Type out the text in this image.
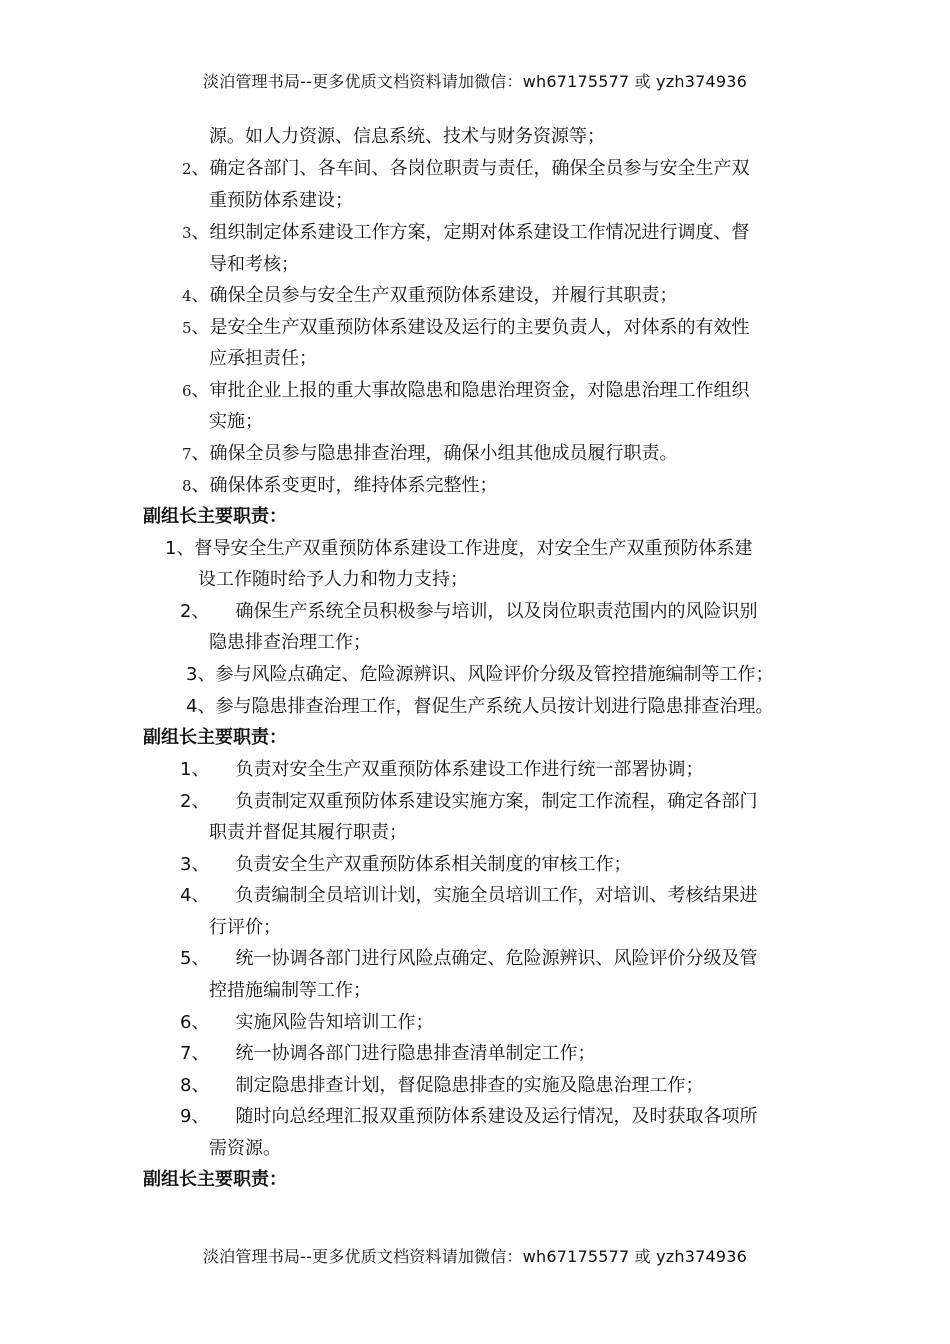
淡泊管理书局--更多优质文档资料请加微信：wh67175577 或 yzh374936
源。如人力资源、信息系统、技术与财务资源等；
2、确定各部门、各车间、各岗位职责与责任，确保全员参与安全生产双
重预防体系建设；
3、组织制定体系建设工作方案，定期对体系建设工作情况进行调度、督
导和考核；
4、确保全员参与安全生产双重预防体系建设，并履行其职责；
5、是安全生产双重预防体系建设及运行的主要负责人，对体系的有效性
应承担责任；
6、审批企业上报的重大事故隐患和隐患治理资金，对隐患治理工作组织
实施；
7、确保全员参与隐患排查治理，确保小组其他成员履行职责。
8、确保体系变更时，维持体系完整性；
副组长主要职责：
1、督导安全生产双重预防体系建设工作进度，对安全生产双重预防体系建
设工作随时给予人力和物力支持；
2、 确保生产系统全员积极参与培训，以及岗位职责范围内的风险识别
隐患排查治理工作；
3、参与风险点确定、危险源辨识、风险评价分级及管控措施编制等工作；
4、参与隐患排查治理工作，督促生产系统人员按计划进行隐患排查治理。
副组长主要职责：
1、 负责对安全生产双重预防体系建设工作进行统一部署协调；
2、 负责制定双重预防体系建设实施方案，制定工作流程，确定各部门
职责并督促其履行职责；
3、 负责安全生产双重预防体系相关制度的审核工作；
4、 负责编制全员培训计划，实施全员培训工作，对培训、考核结果进
行评价；
5、 统一协调各部门进行风险点确定、危险源辨识、风险评价分级及管
控措施编制等工作；
6、 实施风险告知培训工作；
7、 统一协调各部门进行隐患排查清单制定工作；
8、 制定隐患排查计划，督促隐患排查的实施及隐患治理工作；
9、 随时向总经理汇报双重预防体系建设及运行情况，及时获取各项所
需资源。
副组长主要职责：
淡泊管理书局--更多优质文档资料请加微信：wh67175577 或 yzh374936
